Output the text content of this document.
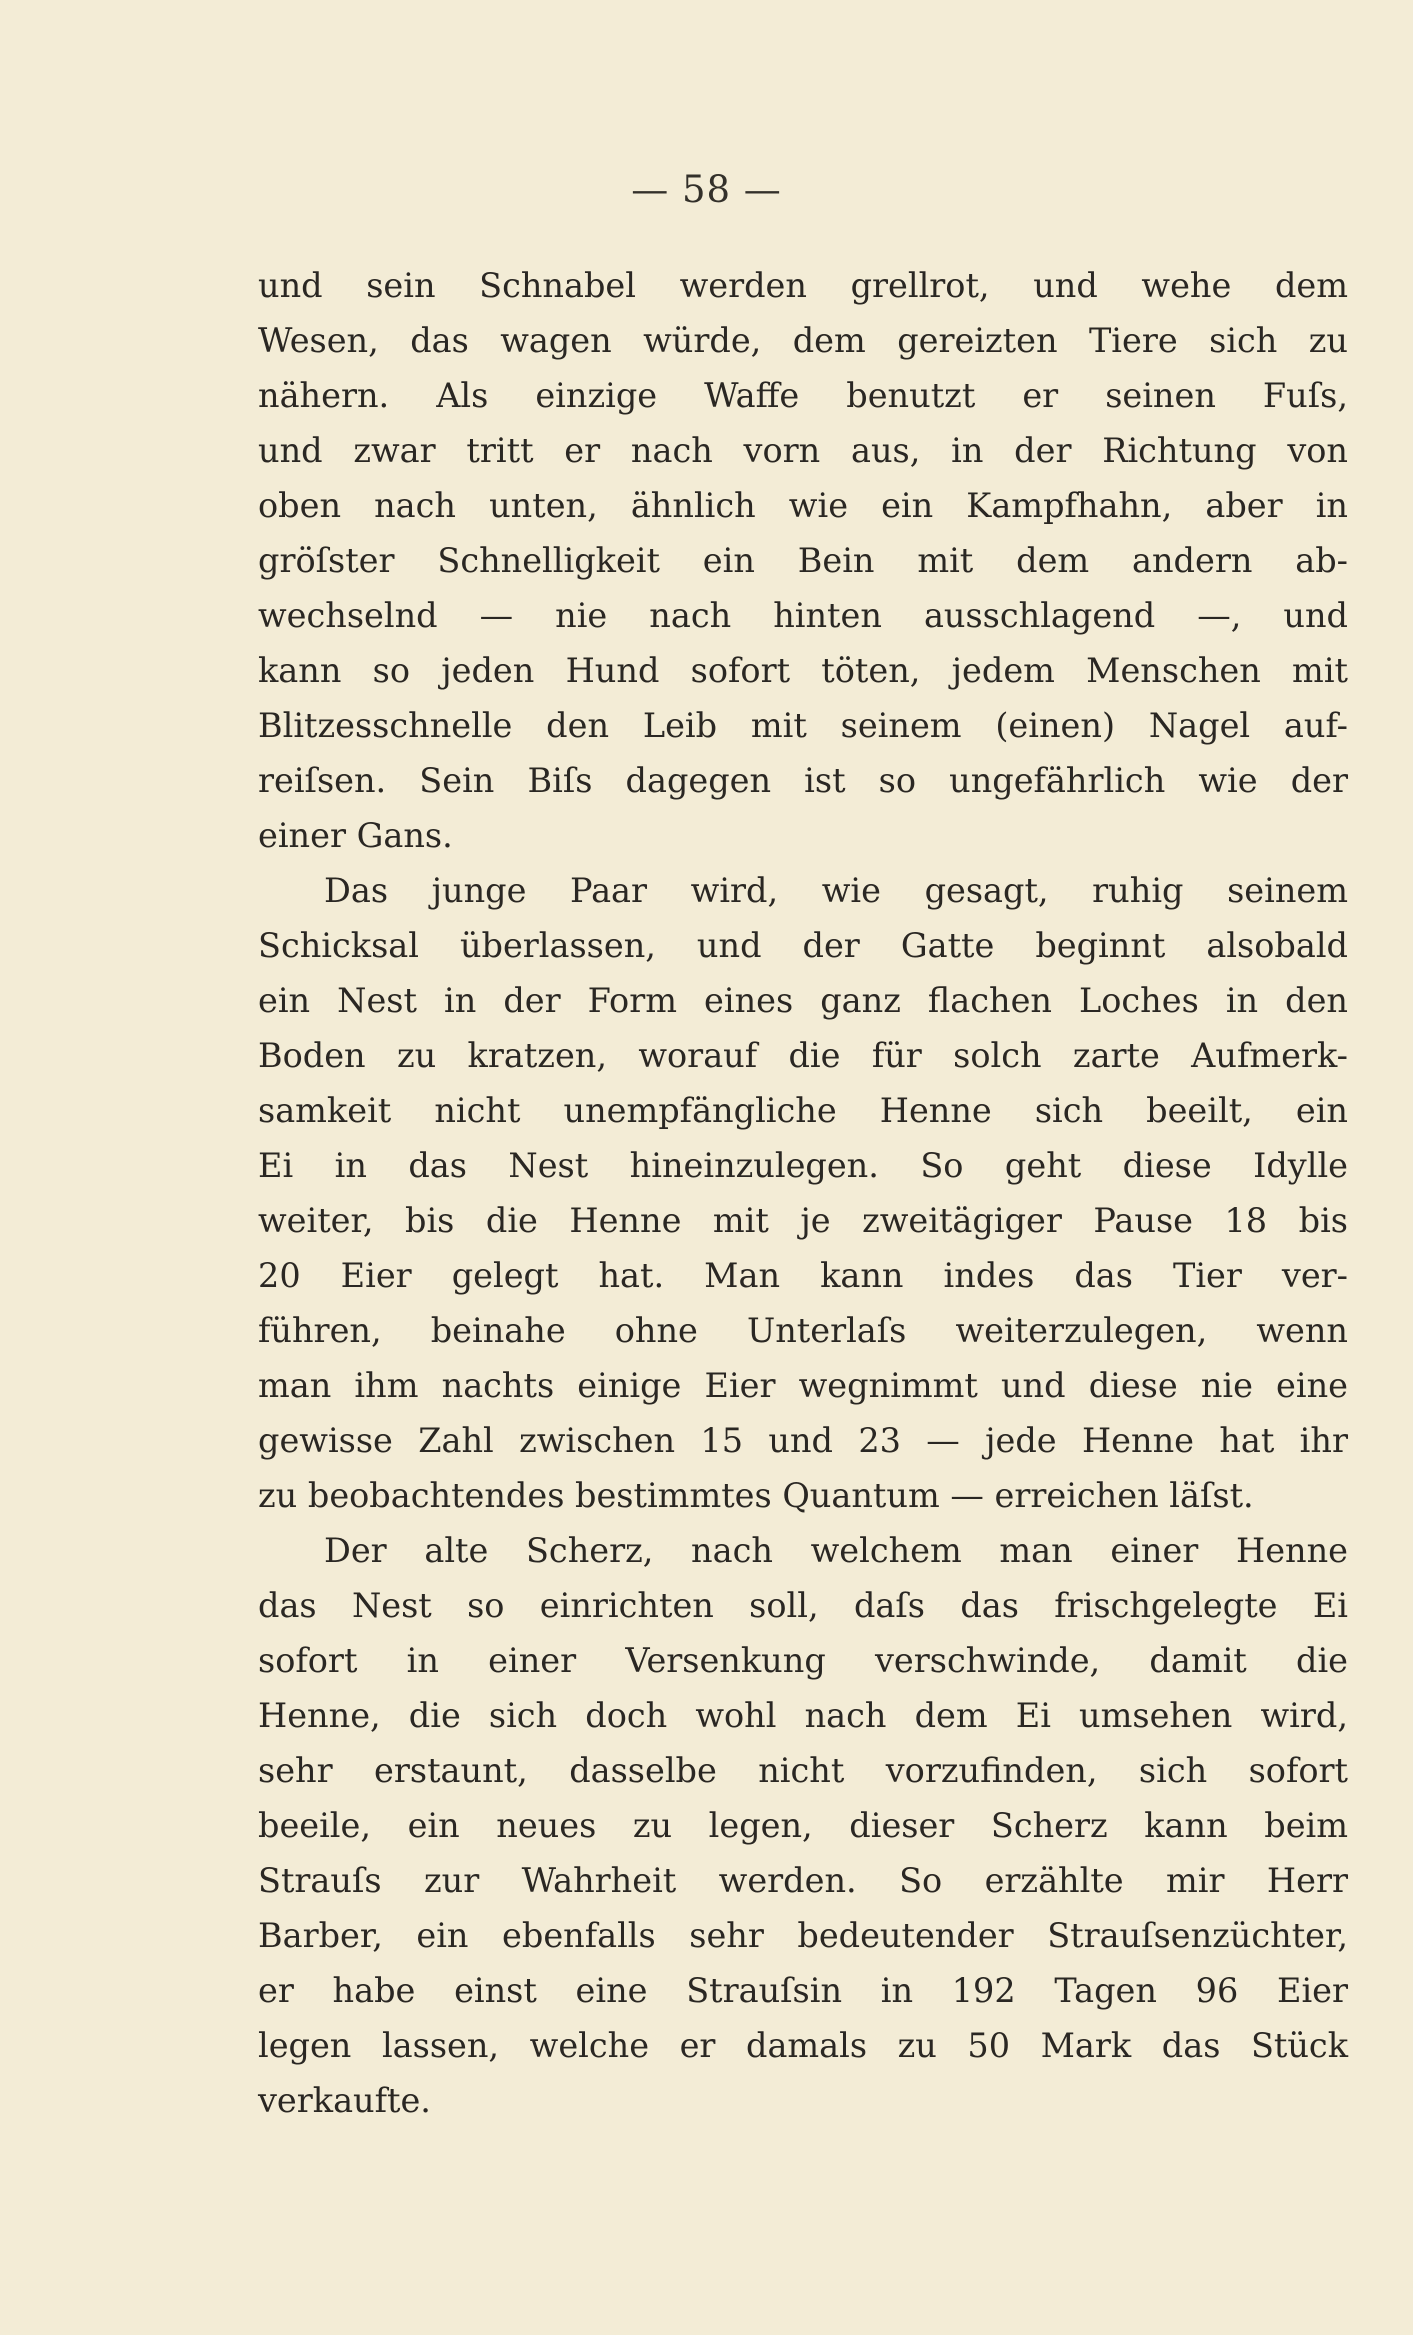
— 58 —
und sein Schnabel werden grellrot, und wehe dem
Wesen, das wagen würde, dem gereizten Tiere sich zu
nähern. Als einzige Waffe benutzt er seinen Fuſs,
und zwar tritt er nach vorn aus, in der Richtung von
oben nach unten, ähnlich wie ein Kampfhahn, aber in
gröſster Schnelligkeit ein Bein mit dem andern ab-
wechselnd — nie nach hinten ausschlagend —, und
kann so jeden Hund sofort töten, jedem Menschen mit
Blitzesschnelle den Leib mit seinem (einen) Nagel auf-
reiſsen. Sein Biſs dagegen ist so ungefährlich wie der
einer Gans.
Das junge Paar wird, wie gesagt, ruhig seinem
Schicksal überlassen, und der Gatte beginnt alsobald
ein Nest in der Form eines ganz flachen Loches in den
Boden zu kratzen, worauf die für solch zarte Aufmerk-
samkeit nicht unempfängliche Henne sich beeilt, ein
Ei in das Nest hineinzulegen. So geht diese Idylle
weiter, bis die Henne mit je zweitägiger Pause 18 bis
20 Eier gelegt hat. Man kann indes das Tier ver-
führen, beinahe ohne Unterlaſs weiterzulegen, wenn
man ihm nachts einige Eier wegnimmt und diese nie eine
gewisse Zahl zwischen 15 und 23 — jede Henne hat ihr
zu beobachtendes bestimmtes Quantum — erreichen läſst.
Der alte Scherz, nach welchem man einer Henne
das Nest so einrichten soll, daſs das frischgelegte Ei
sofort in einer Versenkung verschwinde, damit die
Henne, die sich doch wohl nach dem Ei umsehen wird,
sehr erstaunt, dasselbe nicht vorzufinden, sich sofort
beeile, ein neues zu legen, dieser Scherz kann beim
Strauſs zur Wahrheit werden. So erzählte mir Herr
Barber, ein ebenfalls sehr bedeutender Strauſsenzüchter,
er habe einst eine Strauſsin in 192 Tagen 96 Eier
legen lassen, welche er damals zu 50 Mark das Stück
verkaufte.
